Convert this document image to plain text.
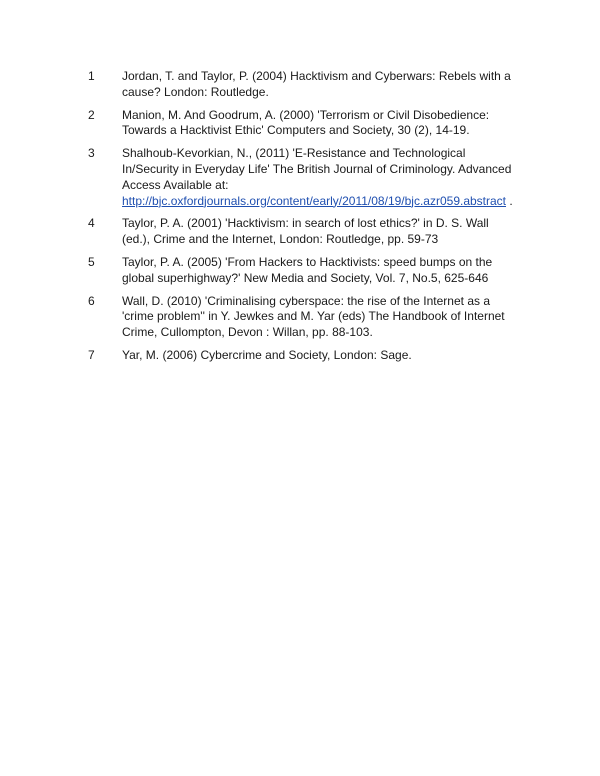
1	Jordan, T. and Taylor, P. (2004) Hacktivism and Cyberwars: Rebels with a
cause? London: Routledge.
2	Manion, M. And Goodrum, A. (2000) 'Terrorism or Civil Disobedience:
Towards a Hacktivist Ethic' Computers and Society, 30 (2), 14-19.
3	Shalhoub-Kevorkian, N., (2011) 'E-Resistance and Technological
In/Security in Everyday Life' The British Journal of Criminology. Advanced
Access Available at:
http://bjc.oxfordjournals.org/content/early/2011/08/19/bjc.azr059.abstract .
4	Taylor, P. A. (2001) 'Hacktivism: in search of lost ethics?' in D. S. Wall
(ed.), Crime and the Internet, London: Routledge, pp. 59-73
5	Taylor, P. A. (2005) 'From Hackers to Hacktivists: speed bumps on the
global superhighway?' New Media and Society, Vol. 7, No.5, 625-646
6	Wall, D. (2010) 'Criminalising cyberspace: the rise of the Internet as a
'crime problem'' in Y. Jewkes and M. Yar (eds) The Handbook of Internet
Crime, Cullompton, Devon : Willan, pp. 88-103.
7	Yar, M. (2006) Cybercrime and Society, London: Sage.
